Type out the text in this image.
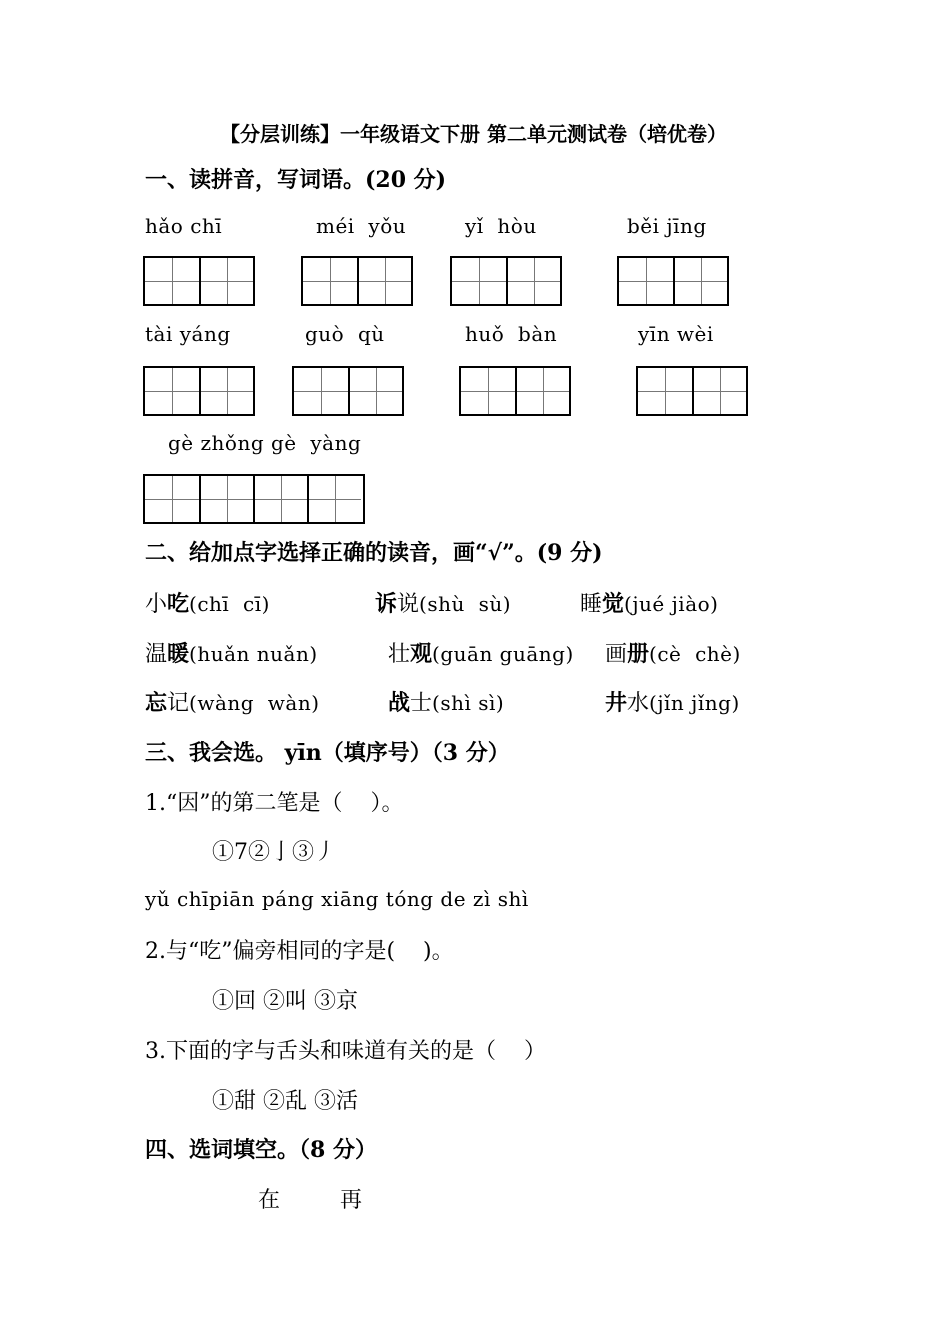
【分层训练】一年级语文下册 第二单元测试卷（培优卷）
一、读拼音，写词语。(20 分)
hǎo chī	méi  yǒu	yǐ  hòu	běi jīng
tài yáng	guò  qù	huǒ  bàn	yīn wèi
gè zhǒng gè  yàng
二、给加点字选择正确的读音，画“√”。(9 分)
小吃(chī  cī)	诉说(shù  sù)	睡觉(jué jiào)
温暖(huǎn nuǎn)	壮观(guān guāng) 画册(cè  chè)
忘记(wàng  wàn)	战士(shì sì)	井水(jǐn jǐng)
三、我会选。 yīn（填序号）（3 分）
1.“因”的第二笔是（    ）。
①7②亅③丿
yǔ chīpiān páng xiāng tóng de zì shì
2.与“吃”偏旁相同的字是(    )。
①回 ②叫 ③京
3.下面的字与舌头和味道有关的是（    ）
①甜 ②乱 ③活
四、选词填空。（8 分）
在	再
